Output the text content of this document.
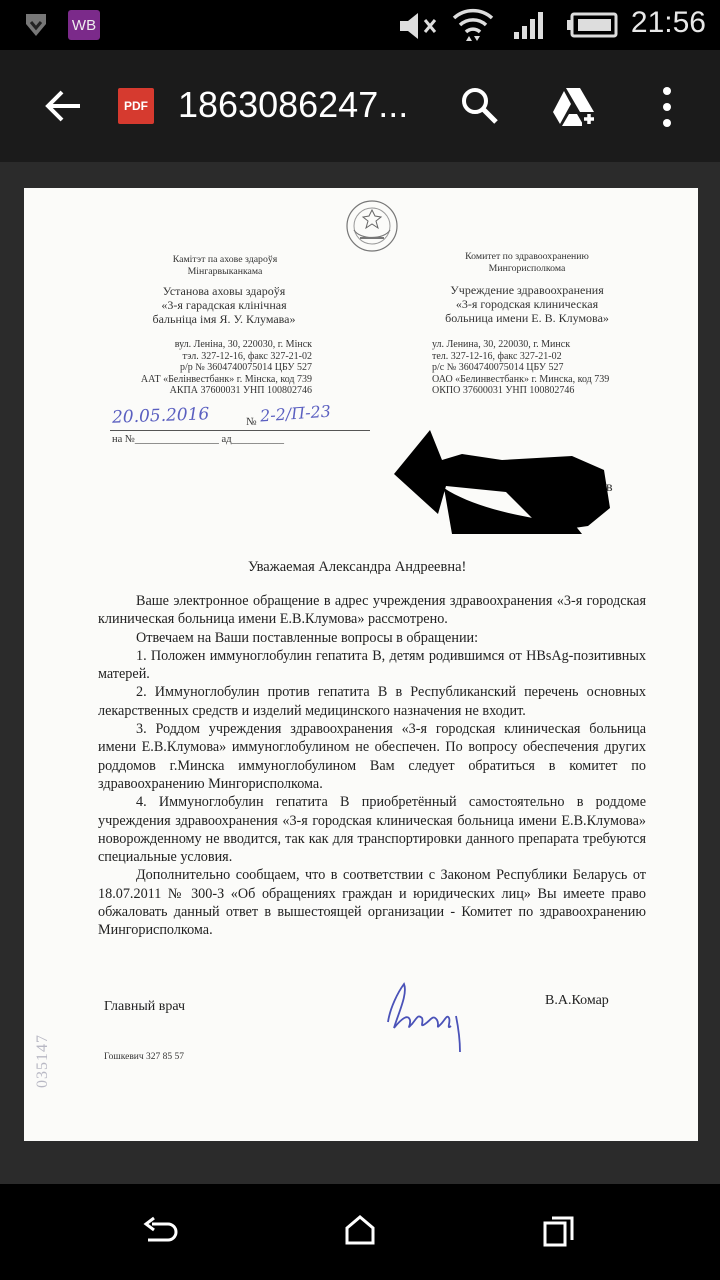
WB	21:56
PDF 1863086247...
Камітэт па ахове здароўя
Мінгарвыканкама
Установа аховы здароўя
«3-я гарадская клінічная
бальніца імя Я. У. Клумава»
вул. Леніна, 30, 220030, г. Мінск
тэл. 327-12-16, факс 327-21-02
р/р № 3604740075014 ЦБУ 527
ААТ «Белінвестбанк» г. Мінска, код 739
АКПА 37600031 УНП 100802746
Комитет по здравоохранению
Мингорисполкома
Учреждение здравоохранения
«3-я городская клиническая
больница имени Е. В. Клумова»
ул. Ленина, 30, 220030, г. Минск
тел. 327-12-16, факс 327-21-02
р/с № 3604740075014 ЦБУ 527
ОАО «Белинвестбанк» г. Минска, код 739
ОКПО 37600031 УНП 100802746
20.05.2016	№ 2-2/П-23
на №________________ ад__________
в
Уважаемая Александра Андреевна!

Ваше электронное обращение в адрес учреждения здравоохранения «3-я городская клиническая больница имени Е.В.Клумова» рассмотрено.

Отвечаем на Ваши поставленные вопросы в обращении:

1. Положен иммуноглобулин гепатита В, детям родившимся от HBsAg-позитивных матерей.

2. Иммуноглобулин против гепатита В в Республиканский перечень основных лекарственных средств и изделий медицинского назначения не входит.

3. Роддом учреждения здравоохранения «3-я городская клиническая больница имени Е.В.Клумова» иммуноглобулином не обеспечен. По вопросу обеспечения других роддомов г.Минска иммуноглобулином Вам следует обратиться в комитет по здравоохранению Мингорисполкома.

4. Иммуноглобулин гепатита В приобретённый самостоятельно в роддоме учреждения здравоохранения «3-я городская клиническая больница имени Е.В.Клумова» новорожденному не вводится, так как для транспортировки данного препарата требуются специальные условия.

Дополнительно сообщаем, что в соответствии с Законом Республики Беларусь от 18.07.2011 № 300-З «Об обращениях граждан и юридических лиц» Вы имеете право обжаловать данный ответ в вышестоящей организации - Комитет по здравоохранению Мингорисполкома.

Главный врач	В.А.Комар
Гошкевич 327 85 57
035147
